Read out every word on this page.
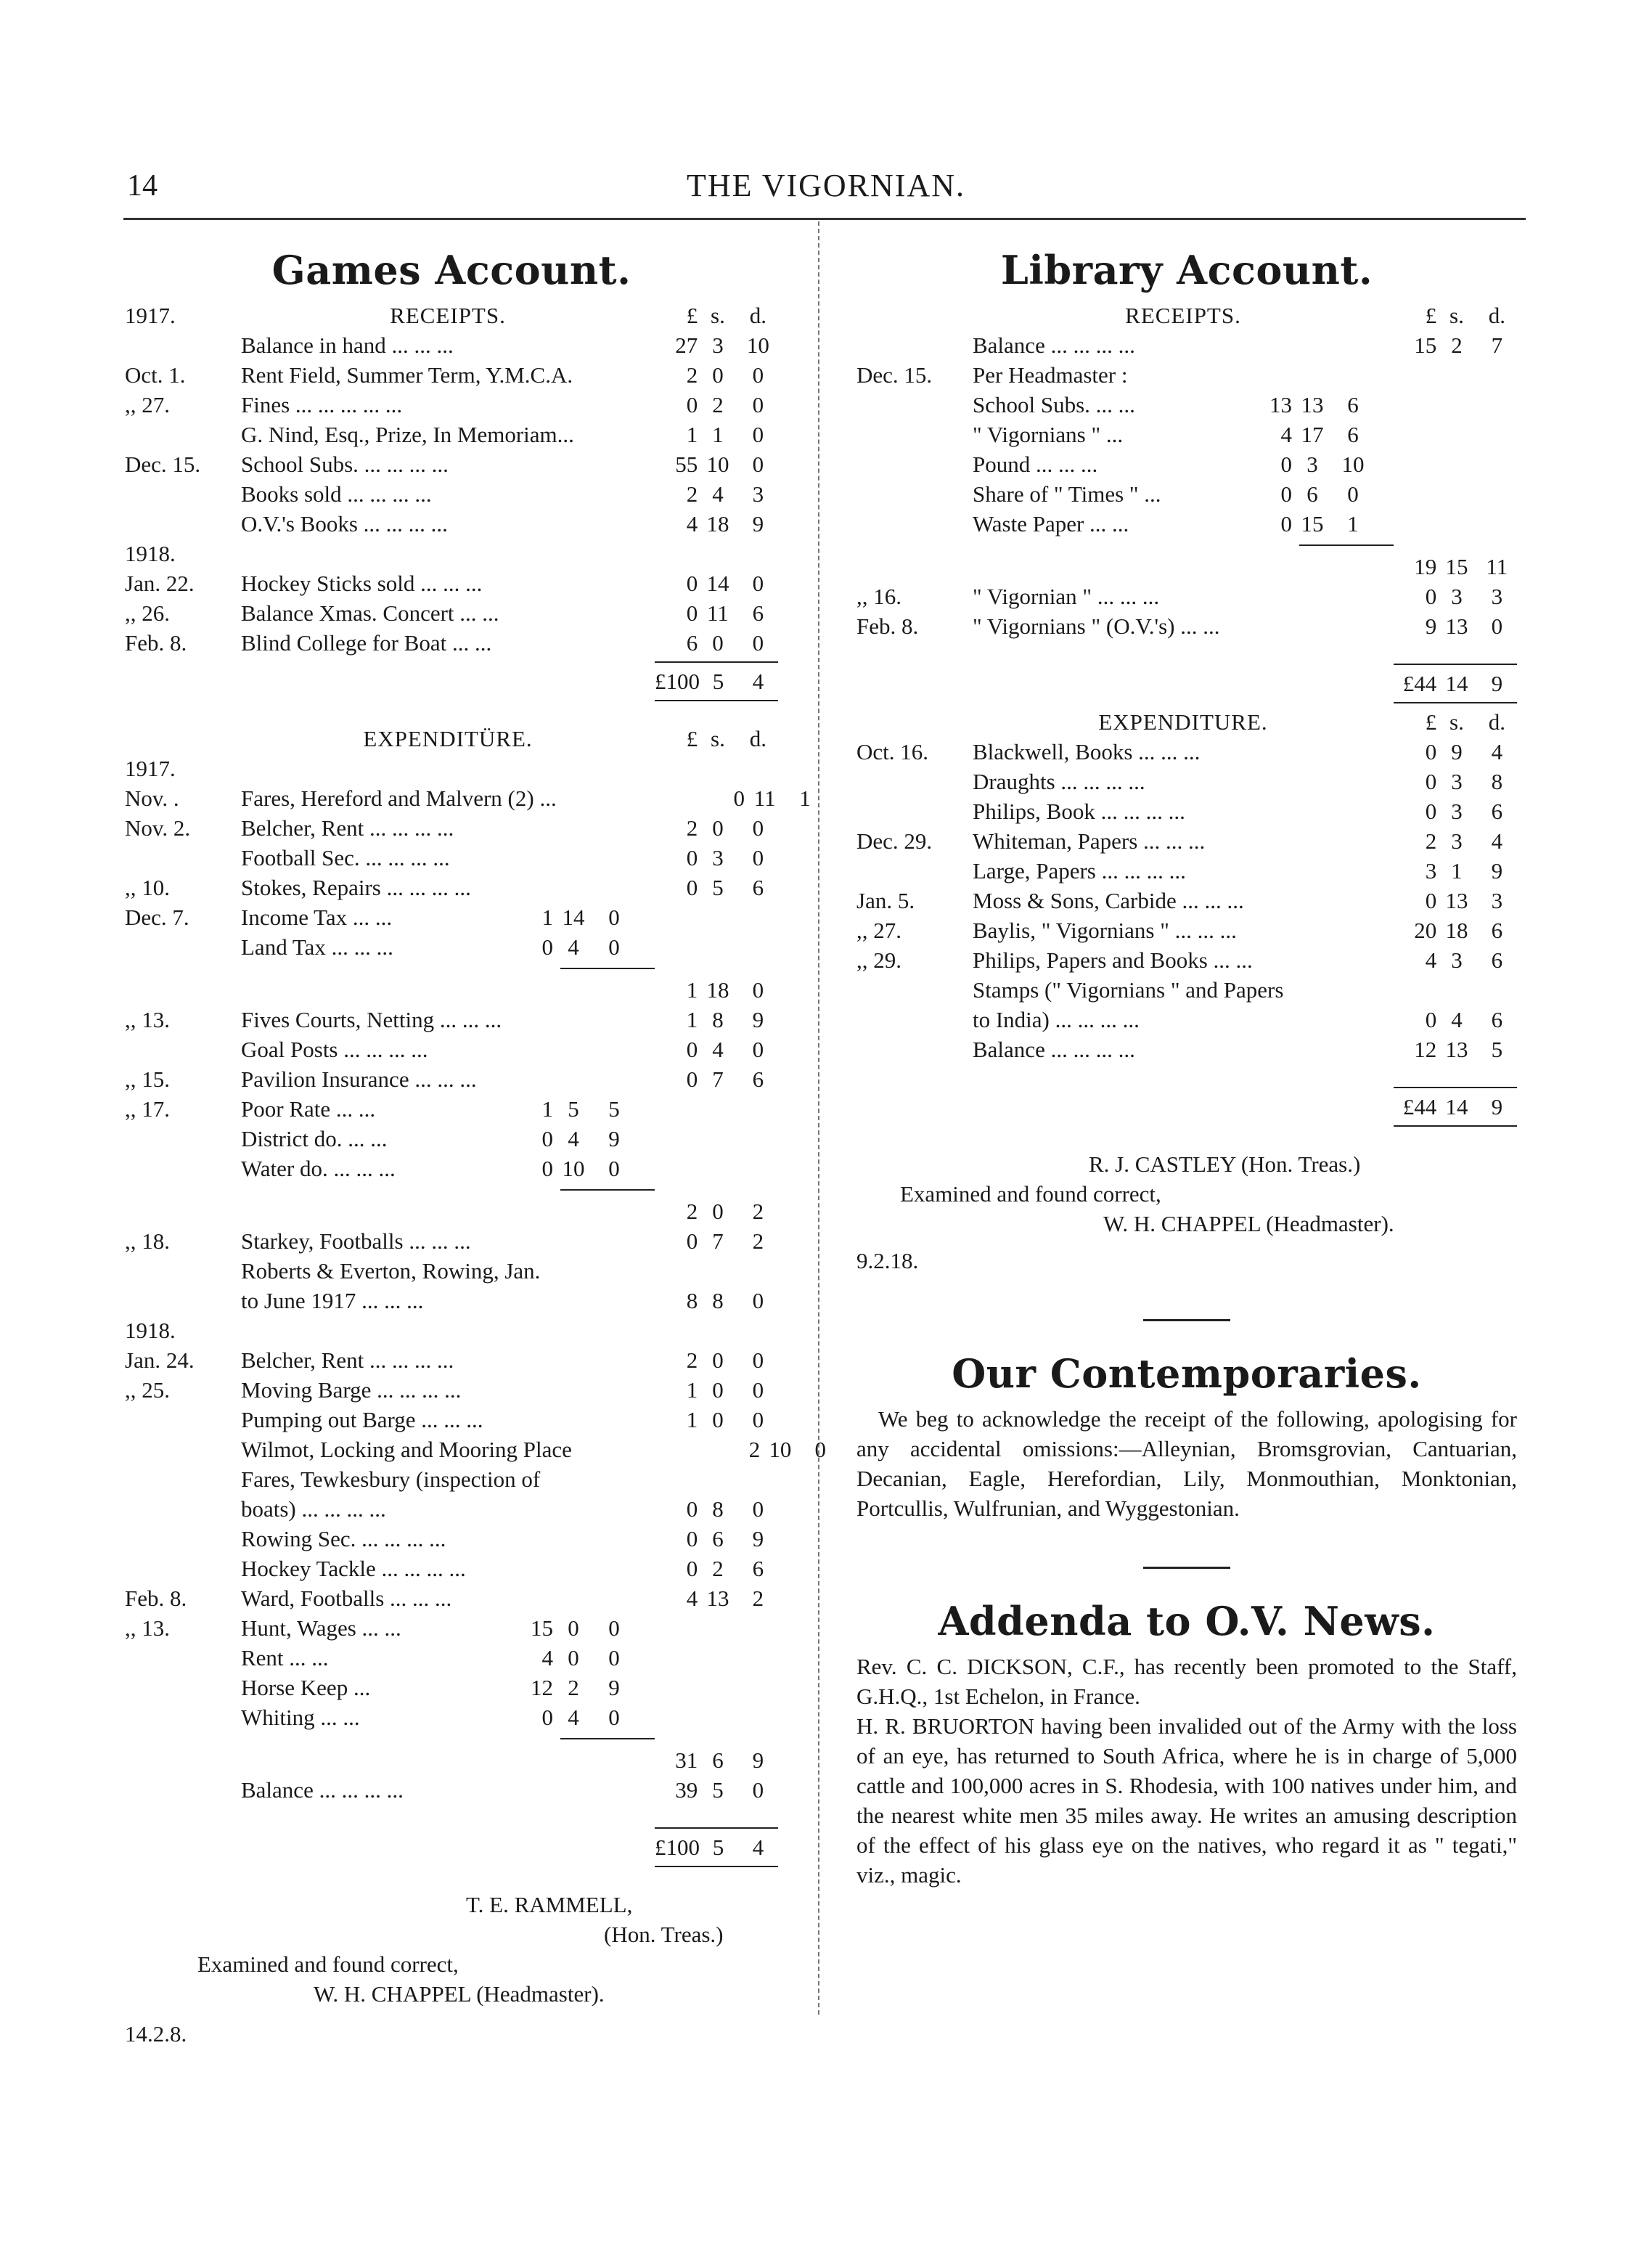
14	THE VIGORNIAN.
Games Account.
1917.	RECEIPTS.	£ s.	d.
Balance in hand ... ... ...	27 3	10
Oct. 1.	Rent Field, Summer Term, Y.M.C.A.	2 0	0
,, 27.	Fines ... ... ... ... ...	0 2	0
G. Nind, Esq., Prize, In Memoriam...	1 1	0
Dec. 15.	School Subs. ... ... ... ...	55 10	0
Books sold ... ... ... ...	2 4	3
O.V.'s Books ... ... ... ...	4 18	9
1918.
Jan. 22.	Hockey Sticks sold ... ... ...	0 14	0
,, 26.	Balance Xmas. Concert ... ...	0 11	6
Feb. 8.	Blind College for Boat ... ...	6 0	0
£100 5	4
EXPENDITÜRE.	£ s.	d.
1917.
Nov. .	Fares, Hereford and Malvern (2) ...	0 11	1
Nov. 2.	Belcher, Rent ... ... ... ...	2 0	0
Football Sec. ... ... ... ...	0 3	0
,, 10.	Stokes, Repairs ... ... ... ...	0 5	6
Dec. 7.	Income Tax ... ...	1 14	0
Land Tax ... ... ...	0 4	0
1 18	0
,, 13.	Fives Courts, Netting ... ... ...	1 8	9
Goal Posts ... ... ... ...	0 4	0
,, 15.	Pavilion Insurance ... ... ...	0 7	6
,, 17.	Poor Rate ... ...	1 5	5
District do. ... ...	0 4	9
Water do. ... ... ...	0 10	0
2 0	2
,, 18.	Starkey, Footballs ... ... ...	0 7	2
Roberts & Everton, Rowing, Jan.
to June 1917 ... ... ...	8 8	0
1918.
Jan. 24.	Belcher, Rent ... ... ... ...	2 0	0
,, 25.	Moving Barge ... ... ... ...	1 0	0
Pumping out Barge ... ... ...	1 0	0
Wilmot, Locking and Mooring Place	2 10	0
Fares, Tewkesbury (inspection of
boats) ... ... ... ...	0 8	0
Rowing Sec. ... ... ... ...	0 6	9
Hockey Tackle ... ... ... ...	0 2	6
Feb. 8.	Ward, Footballs ... ... ...	4 13	2
,, 13.	Hunt, Wages ... ...	15 0	0
Rent ... ...	4 0	0
Horse Keep ...	12 2	9
Whiting ... ...	0 4	0
31 6	9
Balance ... ... ... ...	39 5	0
£100 5	4
T. E. RAMMELL,
(Hon. Treas.)
Examined and found correct,
W. H. CHAPPEL (Headmaster).
14.2.8.
Library Account.
RECEIPTS.	£ s.	d.
Balance ... ... ... ...	15 2	7
Dec. 15.	Per Headmaster :
School Subs. ... ...	13 13	6
" Vigornians " ...	4 17	6
Pound ... ... ...	0 3	10
Share of " Times " ...	0 6	0
Waste Paper ... ...	0 15	1
19 15 11
,, 16.	" Vigornian " ... ... ...	0 3	3
Feb. 8.	" Vigornians " (O.V.'s) ... ...	9 13	0
£44 14	9
EXPENDITURE.	£ s.	d.
Oct. 16.	Blackwell, Books ... ... ...	0 9	4
Draughts ... ... ... ...	0 3	8
Philips, Book ... ... ... ...	0 3	6
Dec. 29.	Whiteman, Papers ... ... ...	2 3	4
Large, Papers ... ... ... ...	3 1	9
Jan. 5.	Moss & Sons, Carbide ... ... ...	0 13	3
,, 27.	Baylis, " Vigornians " ... ... ...	20 18	6
,, 29.	Philips, Papers and Books ... ...	4 3	6
Stamps (" Vigornians " and Papers
to India) ... ... ... ...	0 4	6
Balance ... ... ... ...	12 13	5
£44 14	9
R. J. CASTLEY (Hon. Treas.)
Examined and found correct,
W. H. CHAPPEL (Headmaster).
9.2.18.
Our Contemporaries.
We beg to acknowledge the receipt of the following, apologising for any accidental omissions:—Alleynian, Bromsgrovian, Cantuarian, Decanian, Eagle, Herefordian, Lily, Monmouthian, Monktonian, Portcullis, Wulfrunian, and Wyggestonian.
Addenda to O.V. News.
Rev. C. C. DICKSON, C.F., has recently been promoted to the Staff, G.H.Q., 1st Echelon, in France.
H. R. BRUORTON having been invalided out of the Army with the loss of an eye, has returned to South Africa, where he is in charge of 5,000 cattle and 100,000 acres in S. Rhodesia, with 100 natives under him, and the nearest white men 35 miles away. He writes an amusing description of the effect of his glass eye on the natives, who regard it as " tegati," viz., magic.
